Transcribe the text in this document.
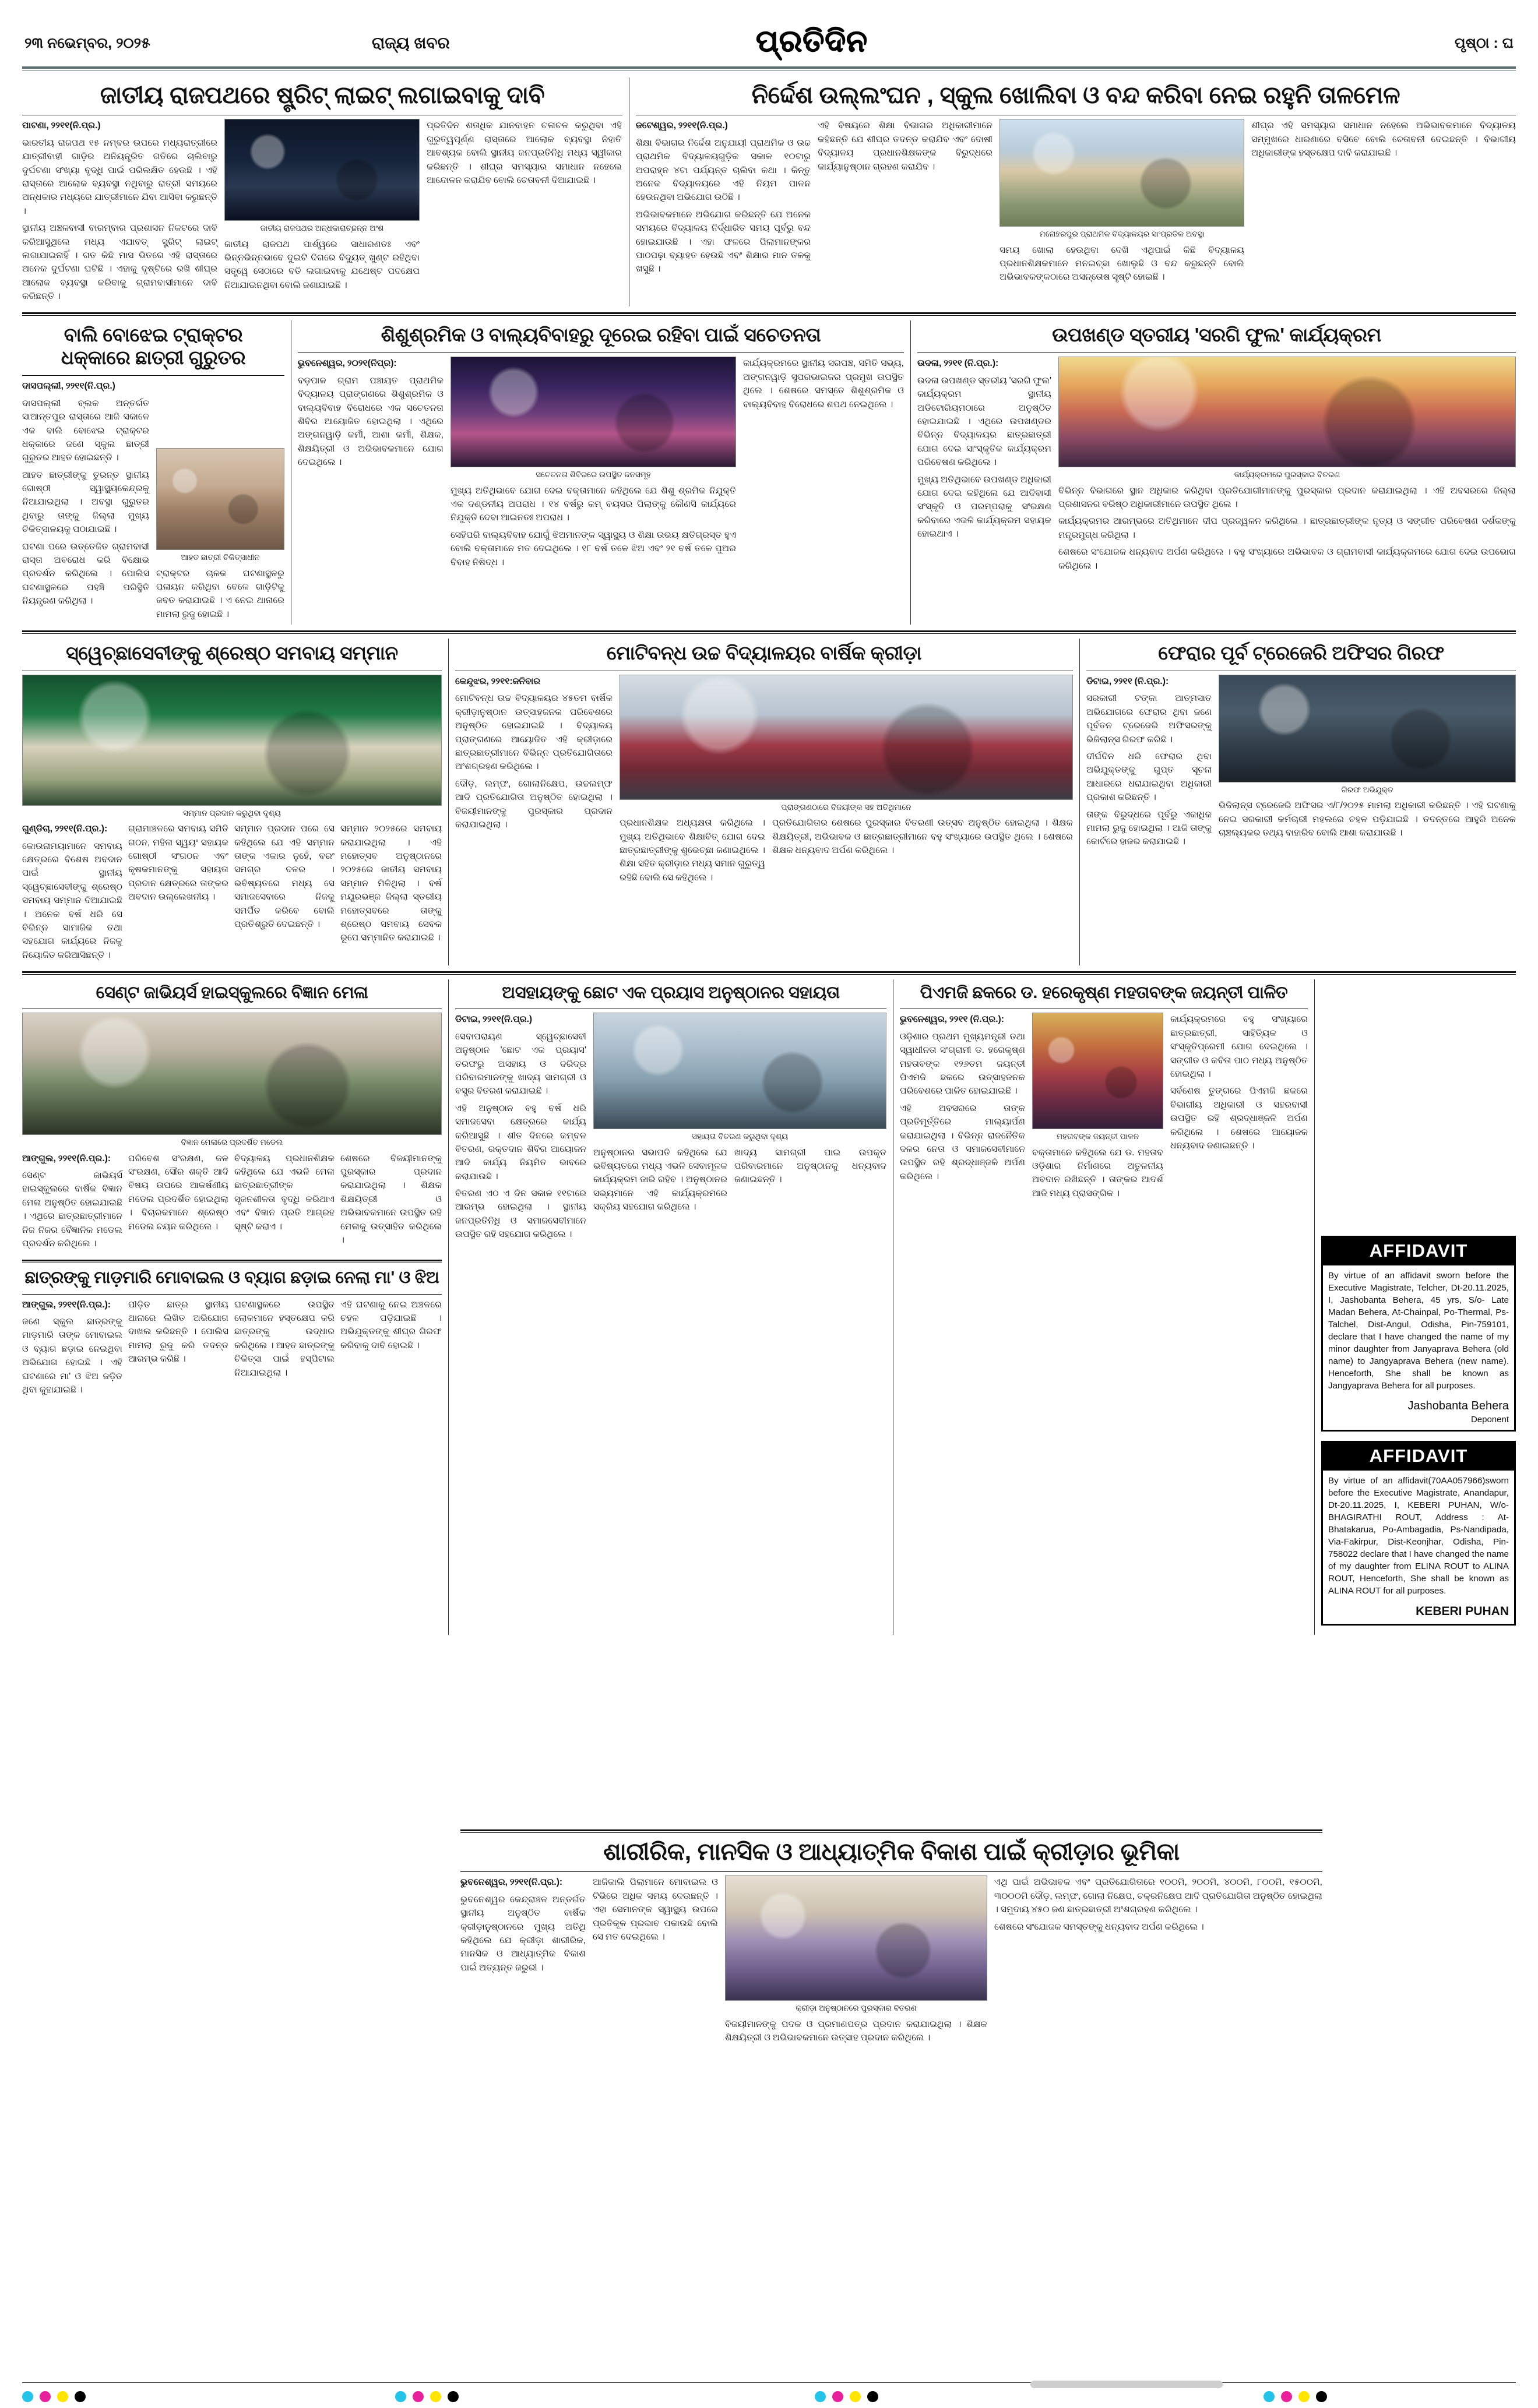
୨୩ ନଭେମ୍ବର, ୨୦୨୫	ରାଜ୍ୟ ଖବର	ପ୍ରତିଦିନ	ପୃଷ୍ଠା : ଘ
ଜାତୀୟ ରାଜପଥରେ ଷ୍ଟ୍ରିଟ୍ ଲାଇଟ୍ ଲଗାଇବାକୁ ଦାବି

ପାଟଣା, ୨୨୧୧(ନି.ପ୍ର.)

ଭାରତୀୟ ରାଜପଥ ୧୫ ନମ୍ବର ଉପରେ ମଧ୍ୟରାତ୍ରୀରେ ଯାତ୍ରୀବାହୀ ଗାଡ଼ିର ଅନିୟନ୍ତ୍ରିତ ଗତିରେ ଚାଲିବାରୁ ଦୁର୍ଘଟଣା ସଂଖ୍ୟା ବୃଦ୍ଧି ପାଇଁ ପରିଲକ୍ଷିତ ହେଉଛି । ଏହି ରାସ୍ତାରେ ଆଲୋକ ବ୍ୟବସ୍ଥା ନଥିବାରୁ ରାତ୍ରୀ ସମୟରେ ଅନ୍ଧକାର ମଧ୍ୟରେ ଯାତ୍ରୀମାନେ ଯିବା ଆସିବା କରୁଛନ୍ତି ।

ସ୍ଥାନୀୟ ଅଞ୍ଚଳବାସୀ ବାରମ୍ବାର ପ୍ରଶାସନ ନିକଟରେ ଦାବି କରିଆସୁଥିଲେ ମଧ୍ୟ ଏଯାବତ୍ ସ୍ଟ୍ରିଟ୍ ଲାଇଟ୍ ଲଗାଯାଇନାହିଁ । ଗତ କିଛି ମାସ ଭିତରେ ଏହି ରାସ୍ତାରେ ଅନେକ ଦୁର୍ଘଟଣା ଘଟିଛି । ଏହାକୁ ଦୃଷ୍ଟିରେ ରଖି ଶୀଘ୍ର ଆଲୋକ ବ୍ୟବସ୍ଥା କରିବାକୁ ଗ୍ରାମବାସୀମାନେ ଦାବି କରିଛନ୍ତି ।

ଜାତୀୟ ରାଜପଥର ଅନ୍ଧକାରାଚ୍ଛନ୍ନ ଅଂଶ

ଜାତୀୟ ରାଜପଥ ପାର୍ଶ୍ୱରେ ସାଧାରଣତଃ ଏବଂ ଭିନ୍ନଭିନ୍ନଭାବେ ଦୁଇଟି ଦିଗରେ ବିଦ୍ୟୁତ୍ ଖୁଣ୍ଟ ରହିଥିବା ସତ୍ତ୍ୱେ ସେଠାରେ ବତି ଲଗାଇବାକୁ ଯଥେଷ୍ଟ ପଦକ୍ଷେପ ନିଆଯାଇନଥିବା ବୋଲି ଜଣାଯାଇଛି ।

ପ୍ରତିଦିନ ଶତାଧିକ ଯାନବାହନ ଚଳାଚଳ କରୁଥିବା ଏହି ଗୁରୁତ୍ୱପୂର୍ଣ୍ଣ ରାସ୍ତାରେ ଆଲୋକ ବ୍ୟବସ୍ଥା ନିହାତି ଆବଶ୍ୟକ ବୋଲି ସ୍ଥାନୀୟ ଜନପ୍ରତିନିଧି ମଧ୍ୟ ସ୍ୱୀକାର କରିଛନ୍ତି । ଶୀଘ୍ର ସମସ୍ୟାର ସମାଧାନ ନହେଲେ ଆନ୍ଦୋଳନ କରାଯିବ ବୋଲି ଚେତାବନୀ ଦିଆଯାଇଛି ।

ନିର୍ଦ୍ଦେଶ ଉଲ୍ଲଂଘନ , ସ୍କୁଲ ଖୋଲିବା ଓ ବନ୍ଦ କରିବା ନେଇ ରହୁନି ତାଳମେଳ

ଜଟେଶ୍ୱର, ୨୨୧୧(ନି.ପ୍ର.)

ଶିକ୍ଷା ବିଭାଗର ନିର୍ଦ୍ଦେଶ ଅନୁଯାୟୀ ପ୍ରାଥମିକ ଓ ଉଚ୍ଚ ପ୍ରାଥମିକ ବିଦ୍ୟାଳୟଗୁଡ଼ିକ ସକାଳ ୧୦ଟାରୁ ଅପରାହ୍ନ ୪ଟା ପର୍ଯ୍ୟନ୍ତ ଚାଲିବା କଥା । କିନ୍ତୁ ଅନେକ ବିଦ୍ୟାଳୟରେ ଏହି ନିୟମ ପାଳନ ହେଉନଥିବା ଅଭିଯୋଗ ଉଠିଛି ।

ଅଭିଭାବକମାନେ ଅଭିଯୋଗ କରିଛନ୍ତି ଯେ ଅନେକ ସମୟରେ ବିଦ୍ୟାଳୟ ନିର୍ଦ୍ଧାରିତ ସମୟ ପୂର୍ବରୁ ବନ୍ଦ ହୋଇଯାଉଛି । ଏହା ଫଳରେ ପିଲାମାନଙ୍କର ପାଠପଢ଼ା ବ୍ୟାହତ ହେଉଛି ଏବଂ ଶିକ୍ଷାର ମାନ ତଳକୁ ଖସୁଛି ।

ଏହି ବିଷୟରେ ଶିକ୍ଷା ବିଭାଗର ଅଧିକାରୀମାନେ କହିଛନ୍ତି ଯେ ଶୀଘ୍ର ତଦନ୍ତ କରାଯିବ ଏବଂ ଦୋଷୀ ବିଦ୍ୟାଳୟ ପ୍ରଧାନଶିକ୍ଷକଙ୍କ ବିରୁଦ୍ଧରେ କାର୍ଯ୍ୟାନୁଷ୍ଠାନ ଗ୍ରହଣ କରାଯିବ ।

ମନୋହରପୁର ପ୍ରାଥମିକ ବିଦ୍ୟାଳୟର ସାଂପ୍ରତିକ ଅବସ୍ଥା

ସମୟ ଖୋଲା ହେଉଥିବା ଦେଖି ଏଥିପାଇଁ କିଛି ବିଦ୍ୟାଳୟ ପ୍ରଧାନଶିକ୍ଷକମାନେ ମନଇଚ୍ଛା ଖୋଲୁଛି ଓ ବନ୍ଦ କରୁଛନ୍ତି ବୋଲି ଅଭିଭାବକଙ୍କଠାରେ ଅସନ୍ତୋଷ ସୃଷ୍ଟି ହୋଇଛି ।

ଶୀଘ୍ର ଏହି ସମସ୍ୟାର ସମାଧାନ ନହେଲେ ଅଭିଭାବକମାନେ ବିଦ୍ୟାଳୟ ସମ୍ମୁଖରେ ଧାରଣାରେ ବସିବେ ବୋଲି ଚେତାବନୀ ଦେଇଛନ୍ତି । ବିଭାଗୀୟ ଅଧିକାରୀଙ୍କ ହସ୍ତକ୍ଷେପ ଦାବି କରାଯାଇଛି ।

ବାଲି ବୋଝେଇ ଟ୍ରାକ୍ଟର
ଧକ୍କାରେ ଛାତ୍ରୀ ଗୁରୁତର

ଦାସପଲ୍ଲୀ, ୨୨୧୧(ନି.ପ୍ର.)

ଦାସପଲ୍ଲୀ ବ୍ଲକ ଅନ୍ତର୍ଗତ ସାଆନ୍ତପୁର ରାସ୍ତାରେ ଆଜି ସକାଳେ ଏକ ବାଲି ବୋଝେଇ ଟ୍ରାକ୍ଟର ଧକ୍କାରେ ଜଣେ ସ୍କୁଲ ଛାତ୍ରୀ ଗୁରୁତର ଆହତ ହୋଇଛନ୍ତି ।

ଆହତ ଛାତ୍ରୀଙ୍କୁ ତୁରନ୍ତ ସ୍ଥାନୀୟ ଗୋଷ୍ଠୀ ସ୍ୱାସ୍ଥ୍ୟକେନ୍ଦ୍ରକୁ ନିଆଯାଇଥିଲା । ଅବସ୍ଥା ଗୁରୁତର ଥିବାରୁ ତାଙ୍କୁ ଜିଲ୍ଲା ମୁଖ୍ୟ ଚିକିତ୍ସାଳୟକୁ ପଠାଯାଇଛି ।

ଘଟଣା ପରେ ଉତ୍ତେଜିତ ଗ୍ରାମବାସୀ ରାସ୍ତା ଅବରୋଧ କରି ବିକ୍ଷୋଭ ପ୍ରଦର୍ଶନ କରିଥିଲେ । ପୋଲିସ ଘଟଣାସ୍ଥଳରେ ପହଞ୍ଚି ପରିସ୍ଥିତି ନିୟନ୍ତ୍ରଣ କରିଥିଲା ।

ଆହତ ଛାତ୍ରୀ ଚିକିତ୍ସାଧୀନ

ଟ୍ରାକ୍ଟର ଚାଳକ ଘଟଣାସ୍ଥଳରୁ ପଳାୟନ କରିଥିବା ବେଳେ ଗାଡ଼ିଟିକୁ ଜବତ କରାଯାଇଛି । ଏ ନେଇ ଥାନାରେ ମାମଲା ରୁଜୁ ହୋଇଛି ।

ଶିଶୁଶ୍ରମିକ ଓ ବାଲ୍ୟବିବାହରୁ ଦୂରେଇ ରହିବା ପାଇଁ ସଚେତନତା

ଭୁବନେଶ୍ୱର, ୨୦୨୧(ନିପ୍ର):

ବଡ଼ପାଳ ଗ୍ରାମ ପଞ୍ଚାୟତ ପ୍ରାଥମିକ ବିଦ୍ୟାଳୟ ପ୍ରାଙ୍ଗଣରେ ଶିଶୁଶ୍ରମିକ ଓ ବାଲ୍ୟବିବାହ ବିରୋଧରେ ଏକ ସଚେତନତା ଶିବିର ଆୟୋଜିତ ହୋଇଥିଲା । ଏଥିରେ ଅଙ୍ଗନୱାଡ଼ି କର୍ମୀ, ଆଶା କର୍ମୀ, ଶିକ୍ଷକ, ଶିକ୍ଷୟିତ୍ରୀ ଓ ଅଭିଭାବକମାନେ ଯୋଗ ଦେଇଥିଲେ ।

ସଚେତନତା ଶିବିରରେ ଉପସ୍ଥିତ ଜନସମୂହ

ମୁଖ୍ୟ ଅତିଥିଭାବେ ଯୋଗ ଦେଇ ବକ୍ତାମାନେ କହିଥିଲେ ଯେ ଶିଶୁ ଶ୍ରମିକ ନିଯୁକ୍ତି ଏକ ଦଣ୍ଡନୀୟ ଅପରାଧ । ୧୪ ବର୍ଷରୁ କମ୍ ବୟସର ପିଲାଙ୍କୁ କୌଣସି କାର୍ଯ୍ୟରେ ନିଯୁକ୍ତି ଦେବା ଆଇନତଃ ଅପରାଧ ।

ସେହିପରି ବାଲ୍ୟବିବାହ ଯୋଗୁଁ ଝିଅମାନଙ୍କ ସ୍ୱାସ୍ଥ୍ୟ ଓ ଶିକ୍ଷା ଉଭୟ କ୍ଷତିଗ୍ରସ୍ତ ହୁଏ ବୋଲି ବକ୍ତାମାନେ ମତ ଦେଇଥିଲେ । ୧୮ ବର୍ଷ ତଳେ ଝିଅ ଏବଂ ୨୧ ବର୍ଷ ତଳେ ପୁଅର ବିବାହ ନିଷିଦ୍ଧ ।

କାର୍ଯ୍ୟକ୍ରମରେ ସ୍ଥାନୀୟ ସରପଞ୍ଚ, ସମିତି ସଭ୍ୟ, ଅଙ୍ଗନୱାଡ଼ି ସୁପରଭାଇଜର ପ୍ରମୁଖ ଉପସ୍ଥିତ ଥିଲେ । ଶେଷରେ ସମସ୍ତେ ଶିଶୁଶ୍ରମିକ ଓ ବାଲ୍ୟବିବାହ ବିରୋଧରେ ଶପଥ ନେଇଥିଲେ ।

ଉପଖଣ୍ଡ ସ୍ତରୀୟ 'ସରଗି ଫୁଲ' କାର୍ଯ୍ୟକ୍ରମ

ଉଦଳା, ୨୨୧୧ (ନି.ପ୍ର.):

ଉଦଳା ଉପଖଣ୍ଡ ସ୍ତରୀୟ 'ସରଗି ଫୁଲ' କାର୍ଯ୍ୟକ୍ରମ ସ୍ଥାନୀୟ ଅଡିଟୋରିୟମଠାରେ ଅନୁଷ୍ଠିତ ହୋଇଯାଇଛି । ଏଥିରେ ଉପଖଣ୍ଡର ବିଭିନ୍ନ ବିଦ୍ୟାଳୟର ଛାତ୍ରଛାତ୍ରୀ ଯୋଗ ଦେଇ ସାଂସ୍କୃତିକ କାର୍ଯ୍ୟକ୍ରମ ପରିବେଷଣ କରିଥିଲେ ।

ମୁଖ୍ୟ ଅତିଥିଭାବେ ଉପଖଣ୍ଡ ଅଧିକାରୀ ଯୋଗ ଦେଇ କହିଥିଲେ ଯେ ଆଦିବାସୀ ସଂସ୍କୃତି ଓ ପରମ୍ପରାକୁ ସଂରକ୍ଷଣ କରିବାରେ ଏଭଳି କାର୍ଯ୍ୟକ୍ରମ ସହାୟକ ହୋଇଥାଏ ।

କାର୍ଯ୍ୟକ୍ରମରେ ପୁରସ୍କାର ବିତରଣ

ବିଭିନ୍ନ ବିଭାଗରେ ସ୍ଥାନ ଅଧିକାର କରିଥିବା ପ୍ରତିଯୋଗୀମାନଙ୍କୁ ପୁରସ୍କାର ପ୍ରଦାନ କରାଯାଇଥିଲା । ଏହି ଅବସରରେ ଜିଲ୍ଲା ପ୍ରଶାସନର ବରିଷ୍ଠ ଅଧିକାରୀମାନେ ଉପସ୍ଥିତ ଥିଲେ ।

କାର୍ଯ୍ୟକ୍ରମର ଆରମ୍ଭରେ ଅତିଥିମାନେ ଦୀପ ପ୍ରଜ୍ୱଳନ କରିଥିଲେ । ଛାତ୍ରଛାତ୍ରୀଙ୍କ ନୃତ୍ୟ ଓ ସଙ୍ଗୀତ ପରିବେଷଣ ଦର୍ଶକଙ୍କୁ ମନ୍ତ୍ରମୁଗ୍ଧ କରିଥିଲା ।

ଶେଷରେ ସଂଯୋଜକ ଧନ୍ୟବାଦ ଅର୍ପଣ କରିଥିଲେ । ବହୁ ସଂଖ୍ୟାରେ ଅଭିଭାବକ ଓ ଗ୍ରାମବାସୀ କାର୍ଯ୍ୟକ୍ରମରେ ଯୋଗ ଦେଇ ଉପଭୋଗ କରିଥିଲେ ।

ସ୍ୱେଚ୍ଛାସେବୀଙ୍କୁ ଶ୍ରେଷ୍ଠ ସମବାୟ ସମ୍ମାନ
ସମ୍ମାନ ପ୍ରଦାନ କରୁଥିବା ଦୃଶ୍ୟ

ଗୁଣ୍ଡିଚା, ୨୨୧୧(ନି.ପ୍ର.):

କୋଉନାମୟାମାନେ ସମବାୟ କ୍ଷେତ୍ରରେ ବିଶେଷ ଅବଦାନ ପାଇଁ ସ୍ଥାନୀୟ ସ୍ୱେଚ୍ଛାସେବୀଙ୍କୁ ଶ୍ରେଷ୍ଠ ସମବାୟ ସମ୍ମାନ ଦିଆଯାଇଛି । ଅନେକ ବର୍ଷ ଧରି ସେ ବିଭିନ୍ନ ସାମାଜିକ ତଥା ସହଯୋଗ କାର୍ଯ୍ୟରେ ନିଜକୁ ନିୟୋଜିତ କରିଆସିଛନ୍ତି ।

ଗ୍ରାମାଞ୍ଚଳରେ ସମବାୟ ସମିତି ଗଠନ, ମହିଳା ସ୍ୱୟଂ ସହାୟକ ଗୋଷ୍ଠୀ ସଂଗଠନ ଏବଂ କୃଷକମାନଙ୍କୁ ସହାୟତା ପ୍ରଦାନ କ୍ଷେତ୍ରରେ ତାଙ୍କର ଅବଦାନ ଉଲ୍ଲେଖନୀୟ ।

ସମ୍ମାନ ପ୍ରଦାନ ପରେ ସେ କହିଥିଲେ ଯେ ଏହି ସମ୍ମାନ ତାଙ୍କ ଏକାର ନୁହେଁ, ବରଂ ସମଗ୍ର ଦଳର । ଭବିଷ୍ୟତରେ ମଧ୍ୟ ସେ ସମାଜସେବାରେ ନିଜକୁ ସମର୍ପିତ କରିବେ ବୋଲି ପ୍ରତିଶ୍ରୁତି ଦେଇଛନ୍ତି ।

ସମ୍ମାନ ୨୦୨୫ରେ ସମବାୟ କରାଯାଇଥିଲା । ଏହି ମହୋତ୍ସବ ଅନୁଷ୍ଠାନରେ ୨୦୨୫ରେ ଜାତୀୟ ସମବାୟ ସମ୍ମାନ ମିଳିଥିଲା । ବର୍ଷ ମୟୂରଭଞ୍ଜ ଜିଲ୍ଲା ସ୍ତରୀୟ ମହୋତ୍ସବରେ ତାଙ୍କୁ ଶ୍ରେଷ୍ଠ ସମବାୟ ସେବକ ରୂପେ ସମ୍ମାନିତ କରାଯାଇଛି ।

ମୋଟିବନ୍ଧ ଉଚ୍ଚ ବିଦ୍ୟାଳୟର ବାର୍ଷିକ କ୍ରୀଡ଼ା

କେନ୍ଦୁଝର, ୨୨୧୧:ଜନିବାର

ମୋଟିବନ୍ଧ ଉଚ୍ଚ ବିଦ୍ୟାଳୟର ୪୫ତମ ବାର୍ଷିକ କ୍ରୀଡ଼ାନୁଷ୍ଠାନ ଉତ୍ସାହଜନକ ପରିବେଶରେ ଅନୁଷ୍ଠିତ ହୋଇଯାଇଛି । ବିଦ୍ୟାଳୟ ପ୍ରାଙ୍ଗଣରେ ଆୟୋଜିତ ଏହି କ୍ରୀଡ଼ାରେ ଛାତ୍ରଛାତ୍ରୀମାନେ ବିଭିନ୍ନ ପ୍ରତିଯୋଗିତାରେ ଅଂଶଗ୍ରହଣ କରିଥିଲେ ।

ଦୌଡ଼, ଲମ୍ଫ, ଗୋଲାନିକ୍ଷେପ, ଉଚ୍ଚଲମ୍ଫ ଆଦି ପ୍ରତିଯୋଗିତା ଅନୁଷ୍ଠିତ ହୋଇଥିଲା । ବିଜୟୀମାନଙ୍କୁ ପୁରସ୍କାର ପ୍ରଦାନ କରାଯାଇଥିଲା ।

ପ୍ରାଙ୍ଗଣଠାରେ ବିଜୟୀଙ୍କ ସହ ଅତିଥିମାନେ

ପ୍ରଧାନଶିକ୍ଷକ ଅଧ୍ୟକ୍ଷତା କରିଥିଲେ । ମୁଖ୍ୟ ଅତିଥିଭାବେ ଶିକ୍ଷାବିତ୍ ଯୋଗ ଦେଇ ଛାତ୍ରଛାତ୍ରୀଙ୍କୁ ଶୁଭେଚ୍ଛା ଜଣାଇଥିଲେ । ଶିକ୍ଷା ସହିତ କ୍ରୀଡ଼ାର ମଧ୍ୟ ସମାନ ଗୁରୁତ୍ୱ ରହିଛି ବୋଲି ସେ କହିଥିଲେ ।

ପ୍ରତିଯୋଗିତାର ଶେଷରେ ପୁରସ୍କାର ବିତରଣୀ ଉତ୍ସବ ଅନୁଷ୍ଠିତ ହୋଇଥିଲା । ଶିକ୍ଷକ ଶିକ୍ଷୟିତ୍ରୀ, ଅଭିଭାବକ ଓ ଛାତ୍ରଛାତ୍ରୀମାନେ ବହୁ ସଂଖ୍ୟାରେ ଉପସ୍ଥିତ ଥିଲେ । ଶେଷରେ ଶିକ୍ଷକ ଧନ୍ୟବାଦ ଅର୍ପଣ କରିଥିଲେ ।

ଫେରାର ପୂର୍ବ ଟ୍ରେଜେରି ଅଫିସର ଗିରଫ

ଡିଟାଇ, ୨୨୧୧ (ନି.ପ୍ର.):

ସରକାରୀ ଟଙ୍କା ଆତ୍ମସାତ ଅଭିଯୋଗରେ ଫେରାର ଥିବା ଜଣେ ପୂର୍ବତନ ଟ୍ରେଜେରି ଅଫିସରଙ୍କୁ ଭିଜିଲାନ୍ସ ଗିରଫ କରିଛି ।

ଦୀର୍ଘଦିନ ଧରି ଫେରାର ଥିବା ଅଭିଯୁକ୍ତଙ୍କୁ ଗୁପ୍ତ ସୂଚନା ଆଧାରରେ ଧରାଯାଇଥିବା ଅଧିକାରୀ ପ୍ରକାଶ କରିଛନ୍ତି ।

ତାଙ୍କ ବିରୁଦ୍ଧରେ ପୂର୍ବରୁ ଏକାଧିକ ମାମଲା ରୁଜୁ ହୋଇଥିଲା । ଆଜି ତାଙ୍କୁ କୋର୍ଟରେ ହାଜର କରାଯାଇଛି ।

ଗିରଫ ଅଭିଯୁକ୍ତ

ଭିଜିଲାନ୍ସ ଟ୍ରେଜେରି ଅଫିସର ଏ/୮/୨୦୨୫ ମାମଲା ଅଧିକାରୀ କରିଛନ୍ତି । ଏହି ଘଟଣାକୁ ନେଇ ସରକାରୀ କର୍ମଚାରୀ ମହଲରେ ଚହଳ ପଡ଼ିଯାଇଛି । ତଦନ୍ତରେ ଆହୁରି ଅନେକ ଚାଞ୍ଚଲ୍ୟକର ତଥ୍ୟ ବାହାରିବ ବୋଲି ଆଶା କରାଯାଉଛି ।

ସେଣ୍ଟ ଜାଭିୟର୍ସ ହାଇସ୍କୁଲରେ ବିଜ୍ଞାନ ମେଳା
ବିଜ୍ଞାନ ମେଳାରେ ପ୍ରଦର୍ଶିତ ମଡେଲ

ଆଙ୍ଗୁଲ, ୨୨୧୧(ନି.ପ୍ର.):

ସେଣ୍ଟ ଜାଭିୟର୍ସ ହାଇସ୍କୁଲରେ ବାର୍ଷିକ ବିଜ୍ଞାନ ମେଳା ଅନୁଷ୍ଠିତ ହୋଇଯାଇଛି । ଏଥିରେ ଛାତ୍ରଛାତ୍ରୀମାନେ ନିଜ ନିଜର ବୈଜ୍ଞାନିକ ମଡେଲ ପ୍ରଦର୍ଶନ କରିଥିଲେ ।

ପରିବେଶ ସଂରକ୍ଷଣ, ଜଳ ସଂରକ୍ଷଣ, ସୌର ଶକ୍ତି ଆଦି ବିଷୟ ଉପରେ ଆକର୍ଷଣୀୟ ମଡେଲ ପ୍ରଦର୍ଶିତ ହୋଇଥିଲା । ବିଚାରକମାନେ ଶ୍ରେଷ୍ଠ ମଡେଲ ଚୟନ କରିଥିଲେ ।

ବିଦ୍ୟାଳୟ ପ୍ରଧାନଶିକ୍ଷକ କହିଥିଲେ ଯେ ଏଭଳି ମେଳା ଛାତ୍ରଛାତ୍ରୀଙ୍କ ସୃଜନଶୀଳତା ବୃଦ୍ଧି କରିଥାଏ ଏବଂ ବିଜ୍ଞାନ ପ୍ରତି ଆଗ୍ରହ ସୃଷ୍ଟି କରାଏ ।

ଶେଷରେ ବିଜୟୀମାନଙ୍କୁ ପୁରସ୍କାର ପ୍ରଦାନ କରାଯାଇଥିଲା । ଶିକ୍ଷକ ଶିକ୍ଷୟିତ୍ରୀ ଓ ଅଭିଭାବକମାନେ ଉପସ୍ଥିତ ରହି ମେଳାକୁ ଉତ୍ସାହିତ କରିଥିଲେ ।

ଛାତ୍ରଙ୍କୁ ମାଡ଼ମାରି ମୋବାଇଲ ଓ ବ୍ୟାଗ ଛଡ଼ାଇ ନେଲା ମା' ଓ ଝିଅ

ଆଙ୍ଗୁଲ, ୨୨୧୧(ନି.ପ୍ର.):

ଜଣେ ସ୍କୁଲ ଛାତ୍ରଙ୍କୁ ମାଡ଼ମାରି ତାଙ୍କ ମୋବାଇଲ ଓ ବ୍ୟାଗ ଛଡ଼ାଇ ନେଇଥିବା ଅଭିଯୋଗ ହୋଇଛି । ଏହି ଘଟଣାରେ ମା' ଓ ଝିଅ ଜଡ଼ିତ ଥିବା କୁହାଯାଇଛି ।

ପୀଡ଼ିତ ଛାତ୍ର ସ୍ଥାନୀୟ ଥାନାରେ ଲିଖିତ ଅଭିଯୋଗ ଦାଖଲ କରିଛନ୍ତି । ପୋଲିସ ମାମଲା ରୁଜୁ କରି ତଦନ୍ତ ଆରମ୍ଭ କରିଛି ।

ଘଟଣାସ୍ଥଳରେ ଉପସ୍ଥିତ ଲୋକମାନେ ହସ୍ତକ୍ଷେପ କରି ଛାତ୍ରଙ୍କୁ ଉଦ୍ଧାର କରିଥିଲେ । ଆହତ ଛାତ୍ରଙ୍କୁ ଚିକିତ୍ସା ପାଇଁ ହସ୍ପିଟାଲ ନିଆଯାଇଥିଲା ।

ଏହି ଘଟଣାକୁ ନେଇ ଅଞ୍ଚଳରେ ଚହଳ ପଡ଼ିଯାଇଛି । ଅଭିଯୁକ୍ତଙ୍କୁ ଶୀଘ୍ର ଗିରଫ କରିବାକୁ ଦାବି ହୋଇଛି ।

ଅସହାୟଙ୍କୁ ଛୋଟ ଏକ ପ୍ରୟାସ ଅନୁଷ୍ଠାନର ସହାୟତା

ଡିଟାଇ, ୨୨୧୧(ନି.ପ୍ର.)

ସେବାପରାୟଣ ସ୍ୱେଚ୍ଛାସେବୀ ଅନୁଷ୍ଠାନ 'ଛୋଟ ଏକ ପ୍ରୟାସ' ତରଫରୁ ଅସହାୟ ଓ ଦରିଦ୍ର ପରିବାରମାନଙ୍କୁ ଖାଦ୍ୟ ସାମଗ୍ରୀ ଓ ବସ୍ତ୍ର ବିତରଣ କରାଯାଇଛି ।

ଏହି ଅନୁଷ୍ଠାନ ବହୁ ବର୍ଷ ଧରି ସମାଜସେବା କ୍ଷେତ୍ରରେ କାର୍ଯ୍ୟ କରିଆସୁଛି । ଶୀତ ଦିନରେ କମ୍ବଳ ବିତରଣ, ରକ୍ତଦାନ ଶିବିର ଆୟୋଜନ ଆଦି କାର୍ଯ୍ୟ ନିୟମିତ ଭାବରେ କରାଯାଉଛି ।

ବିତରଣ ଏଠ ଏ ଦିନ ସକାଳ ୧୧ଟାରେ ଆରମ୍ଭ ହୋଇଥିଲା । ସ୍ଥାନୀୟ ଜନପ୍ରତିନିଧି ଓ ସମାଜସେବୀମାନେ ଉପସ୍ଥିତ ରହି ସହଯୋଗ କରିଥିଲେ ।

ସହାୟତା ବିତରଣ କରୁଥିବା ଦୃଶ୍ୟ

ଅନୁଷ୍ଠାନର ସଭାପତି କହିଥିଲେ ଯେ ଭବିଷ୍ୟତରେ ମଧ୍ୟ ଏଭଳି ସେବାମୂଳକ କାର୍ଯ୍ୟକ୍ରମ ଜାରି ରହିବ । ଅନୁଷ୍ଠାନର ସଭ୍ୟମାନେ ଏହି କାର୍ଯ୍ୟକ୍ରମରେ ସକ୍ରିୟ ସହଯୋଗ କରିଥିଲେ ।

ଖାଦ୍ୟ ସାମଗ୍ରୀ ପାଇ ଉପକୃତ ପରିବାରମାନେ ଅନୁଷ୍ଠାନକୁ ଧନ୍ୟବାଦ ଜଣାଇଛନ୍ତି ।

ପିଏମଜି ଛକରେ ଡ. ହରେକୃଷ୍ଣ ମହତାବଙ୍କ ଜୟନ୍ତୀ ପାଳିତ

ଭୁବନେଶ୍ୱର, ୨୨୧୧ (ନି.ପ୍ର.):

ଓଡ଼ିଶାର ପ୍ରଥମ ମୁଖ୍ୟମନ୍ତ୍ରୀ ତଥା ସ୍ୱାଧୀନତା ସଂଗ୍ରାମୀ ଡ. ହରେକୃଷ୍ଣ ମହତାବଙ୍କ ୧୨୬ତମ ଜୟନ୍ତୀ ପିଏମଜି ଛକରେ ଉତ୍ସାହଜନକ ପରିବେଶରେ ପାଳିତ ହୋଇଯାଇଛି ।

ଏହି ଅବସରରେ ତାଙ୍କ ପ୍ରତିମୂର୍ତ୍ତିରେ ମାଲ୍ୟାର୍ପଣ କରାଯାଇଥିଲା । ବିଭିନ୍ନ ରାଜନୈତିକ ଦଳର ନେତା ଓ ସମାଜସେବୀମାନେ ଉପସ୍ଥିତ ରହି ଶ୍ରଦ୍ଧାଞ୍ଜଳି ଅର୍ପଣ କରିଥିଲେ ।

ମହତାବଙ୍କ ଜୟନ୍ତୀ ପାଳନ

ବକ୍ତାମାନେ କହିଥିଲେ ଯେ ଡ. ମହତାବ ଓଡ଼ିଶାର ନିର୍ମାଣରେ ଅତୁଳନୀୟ ଅବଦାନ ରଖିଛନ୍ତି । ତାଙ୍କର ଆଦର୍ଶ ଆଜି ମଧ୍ୟ ପ୍ରାସଙ୍ଗିକ ।

କାର୍ଯ୍ୟକ୍ରମରେ ବହୁ ସଂଖ୍ୟାରେ ଛାତ୍ରଛାତ୍ରୀ, ସାହିତ୍ୟିକ ଓ ସଂସ୍କୃତିପ୍ରେମୀ ଯୋଗ ଦେଇଥିଲେ । ସଙ୍ଗୀତ ଓ କବିତା ପାଠ ମଧ୍ୟ ଅନୁଷ୍ଠିତ ହୋଇଥିଲା ।

ସର୍ବଶେଷ ତୁଙ୍ଗରେ ପିଏମଜି ଛକରେ ବିଭାଗୀୟ ଅଧିକାରୀ ଓ ସହରବାସୀ ଉପସ୍ଥିତ ରହି ଶ୍ରଦ୍ଧାଞ୍ଜଳି ଅର୍ପଣ କରିଥିଲେ । ଶେଷରେ ଆୟୋଜକ ଧନ୍ୟବାଦ ଜଣାଇଛନ୍ତି ।

AFFIDAVIT
By virtue of an affidavit sworn before the Executive Magistrate, Telcher, Dt-20.11.2025, I, Jashobanta Behera, 45 yrs, S/o- Late Madan Behera, At-Chainpal, Po-Thermal, Ps-Talchel, Dist-Angul, Odisha, Pin-759101, declare that I have changed the name of my minor daughter from Janyaprava Behera (old name) to Jangyaprava Behera (new name). Henceforth, She shall be known as Jangyaprava Behera for all purposes.
Jashobanta Behera
Deponent
AFFIDAVIT
By virtue of an affidavit(70AA057966)sworn before the Executive Magistrate, Anandapur, Dt-20.11.2025, I, KEBERI PUHAN, W/o-BHAGIRATHI ROUT, Address : At-Bhatakarua, Po-Ambagadia, Ps-Nandipada, Via-Fakirpur, Dist-Keonjhar, Odisha, Pin-758022 declare that I have changed the name of my daughter from ELINA ROUT to ALINA ROUT, Henceforth, She shall be known as ALINA ROUT for all purposes.
KEBERI PUHAN
ଶାରୀରିକ, ମାନସିକ ଓ ଆଧ୍ୟାତ୍ମିକ ବିକାଶ ପାଇଁ କ୍ରୀଡ଼ାର ଭୂମିକା

ଭୁବନେଶ୍ୱର, ୨୨୧୧(ନି.ପ୍ର.):

ଭୁବନେଶ୍ୱର କେନ୍ଦ୍ରାଞ୍ଚଳ ଅନ୍ତର୍ଗତ ସ୍ଥାନୀୟ ଅନୁଷ୍ଠିତ ବାର୍ଷିକ କ୍ରୀଡ଼ାନୁଷ୍ଠାନରେ ମୁଖ୍ୟ ଅତିଥି କହିଥିଲେ ଯେ କ୍ରୀଡ଼ା ଶାରୀରିକ, ମାନସିକ ଓ ଆଧ୍ୟାତ୍ମିକ ବିକାଶ ପାଇଁ ଅତ୍ୟନ୍ତ ଜରୁରୀ ।

ଆଜିକାଲି ପିଲାମାନେ ମୋବାଇଲ ଓ ଟିଭିରେ ଅଧିକ ସମୟ ଦେଉଛନ୍ତି । ଏହା ସେମାନଙ୍କ ସ୍ୱାସ୍ଥ୍ୟ ଉପରେ ପ୍ରତିକୂଳ ପ୍ରଭାବ ପକାଉଛି ବୋଲି ସେ ମତ ଦେଇଥିଲେ ।

କ୍ରୀଡ଼ା ଅନୁଷ୍ଠାନରେ ପୁରସ୍କାର ବିତରଣ

ବିଜୟୀମାନଙ୍କୁ ପଦକ ଓ ପ୍ରମାଣପତ୍ର ପ୍ରଦାନ କରାଯାଇଥିଲା । ଶିକ୍ଷକ ଶିକ୍ଷୟିତ୍ରୀ ଓ ଅଭିଭାବକମାନେ ଉତ୍ସାହ ପ୍ରଦାନ କରିଥିଲେ ।

ଏଥି ପାଇଁ ଅଭିଭାବକ ଏବଂ ପ୍ରତିଯୋଗିତାରେ ୧୦୦ମି, ୨୦୦ମି, ୪୦୦ମି, ୮୦୦ମି, ୧୫୦୦ମି, ୩୦୦୦ମି ଦୌଡ଼, ଲମ୍ଫ, ଗୋଲା ନିକ୍ଷେପ, ଚକ୍ରନିକ୍ଷେପ ଆଦି ପ୍ରତିଯୋଗିତା ଅନୁଷ୍ଠିତ ହୋଇଥିଲା । ସମୁଦାୟ ୪୫୦ ଜଣ ଛାତ୍ରଛାତ୍ରୀ ଅଂଶଗ୍ରହଣ କରିଥିଲେ ।

ଶେଷରେ ସଂଯୋଜକ ସମସ୍ତଙ୍କୁ ଧନ୍ୟବାଦ ଅର୍ପଣ କରିଥିଲେ ।
